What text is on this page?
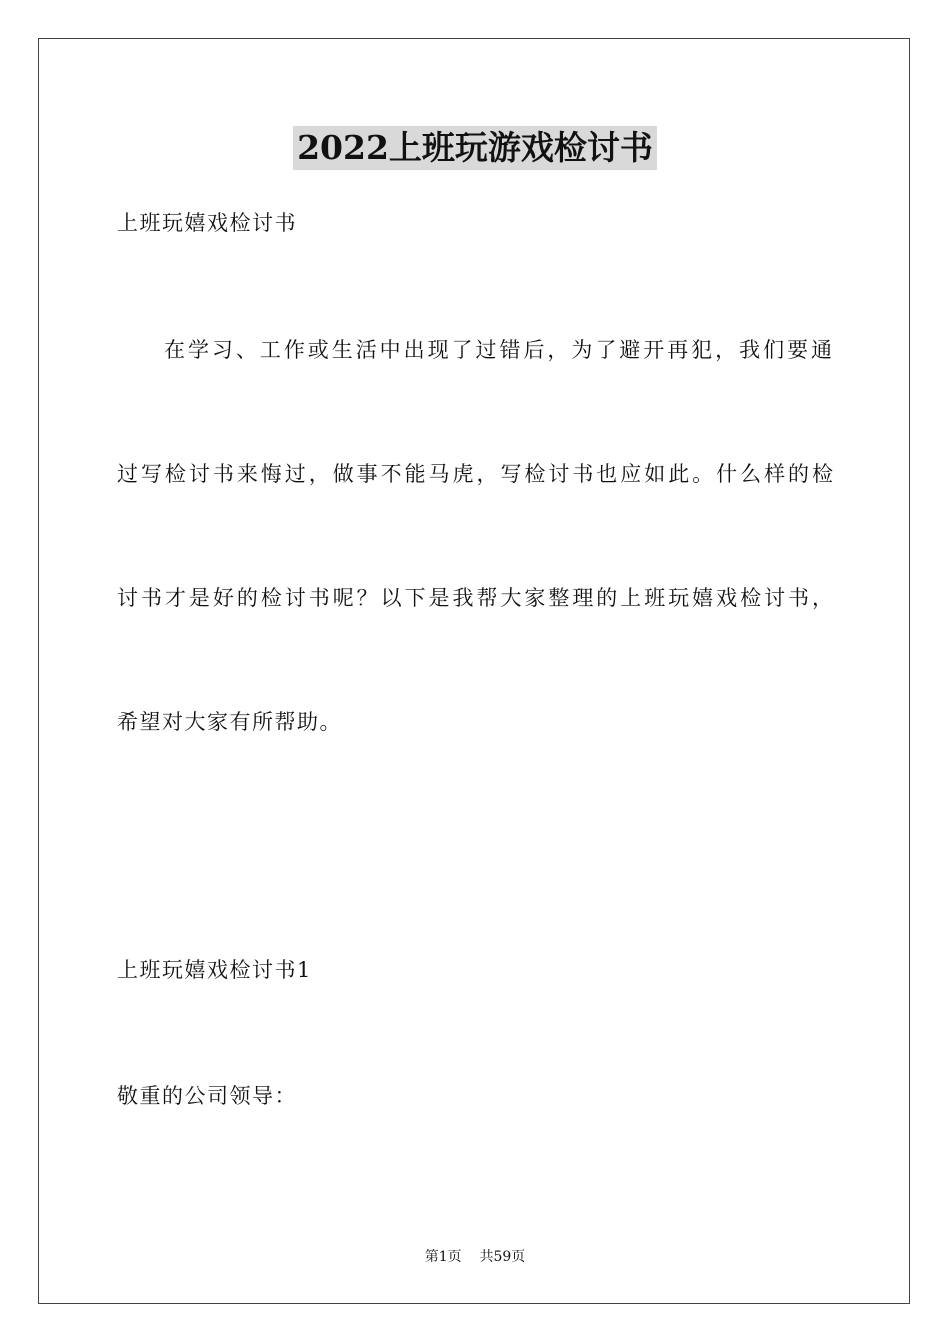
2022上班玩游戏检讨书
上班玩嬉戏检讨书
在学习、工作或生活中出现了过错后，为了避开再犯，我们要通
过写检讨书来悔过，做事不能马虎，写检讨书也应如此。什么样的检
讨书才是好的检讨书呢？以下是我帮大家整理的上班玩嬉戏检讨书，
希望对大家有所帮助。
上班玩嬉戏检讨书1
敬重的公司领导：
第1页 共59页
